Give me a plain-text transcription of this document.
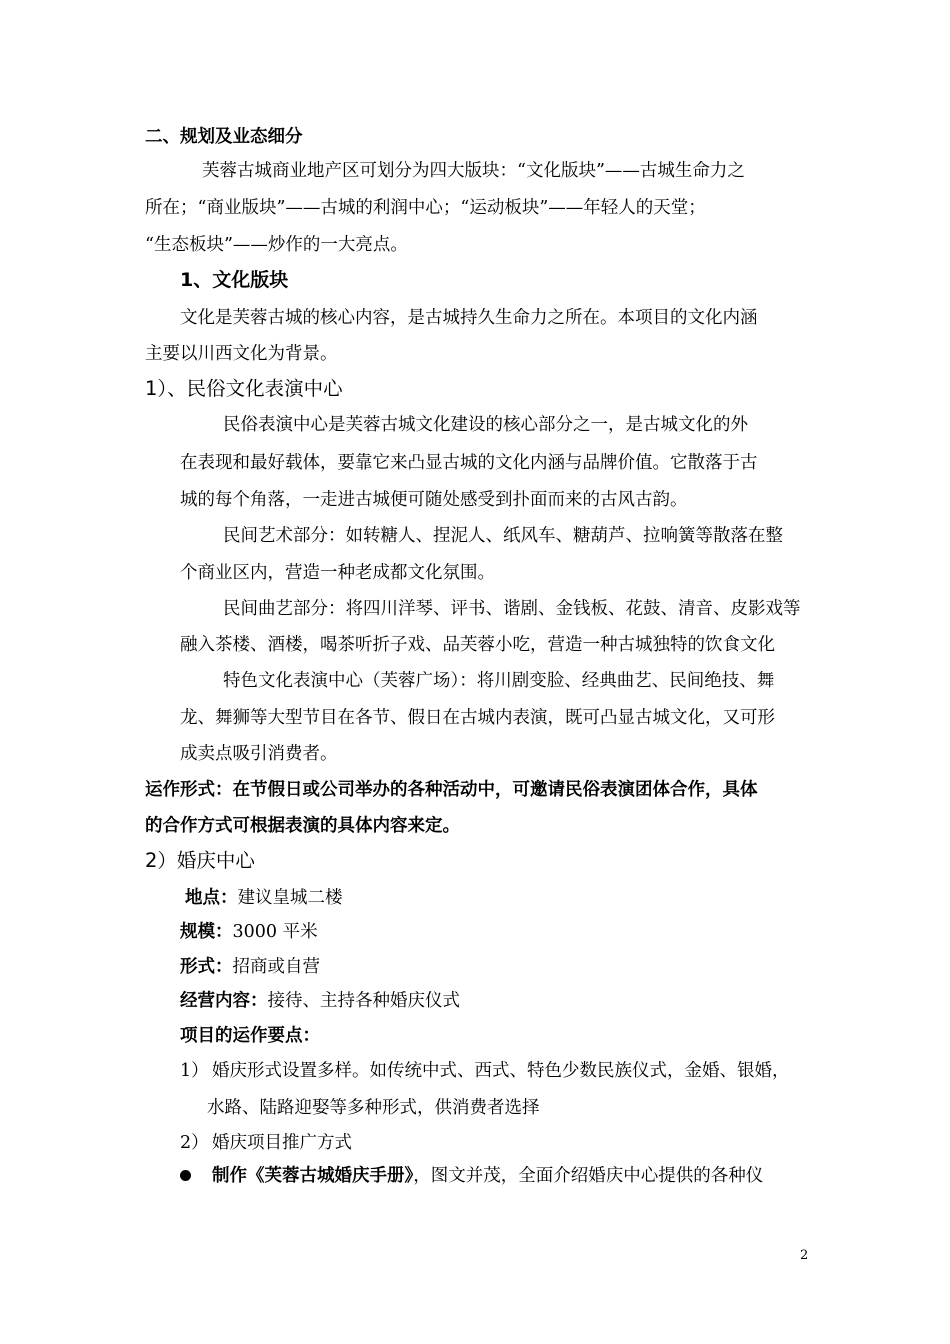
二、规划及业态细分
芙蓉古城商业地产区可划分为四大版块：“文化版块”——古城生命力之
所在；“商业版块”——古城的利润中心；“运动板块”——年轻人的天堂；
“生态板块”——炒作的一大亮点。
1、文化版块
文化是芙蓉古城的核心内容，是古城持久生命力之所在。本项目的文化内涵
主要以川西文化为背景。
1）、民俗文化表演中心
民俗表演中心是芙蓉古城文化建设的核心部分之一，是古城文化的外
在表现和最好载体，要靠它来凸显古城的文化内涵与品牌价值。它散落于古
城的每个角落，一走进古城便可随处感受到扑面而来的古风古韵。
民间艺术部分：如转糖人、捏泥人、纸风车、糖葫芦、拉响簧等散落在整
个商业区内，营造一种老成都文化氛围。
民间曲艺部分：将四川洋琴、评书、谐剧、金钱板、花鼓、清音、皮影戏等
融入茶楼、酒楼，喝茶听折子戏、品芙蓉小吃，营造一种古城独特的饮食文化
特色文化表演中心（芙蓉广场）：将川剧变脸、经典曲艺、民间绝技、舞
龙、舞狮等大型节目在各节、假日在古城内表演，既可凸显古城文化，又可形
成卖点吸引消费者。
运作形式：在节假日或公司举办的各种活动中，可邀请民俗表演团体合作，具体
的合作方式可根据表演的具体内容来定。
2）婚庆中心
地点：建议皇城二楼
规模：3000 平米
形式：招商或自营
经营内容：接待、主持各种婚庆仪式
项目的运作要点：
1） 婚庆形式设置多样。如传统中式、西式、特色少数民族仪式，金婚、银婚，
水路、陆路迎娶等多种形式，供消费者选择
2） 婚庆项目推广方式
制作《芙蓉古城婚庆手册》，图文并茂，全面介绍婚庆中心提供的各种仪
2
